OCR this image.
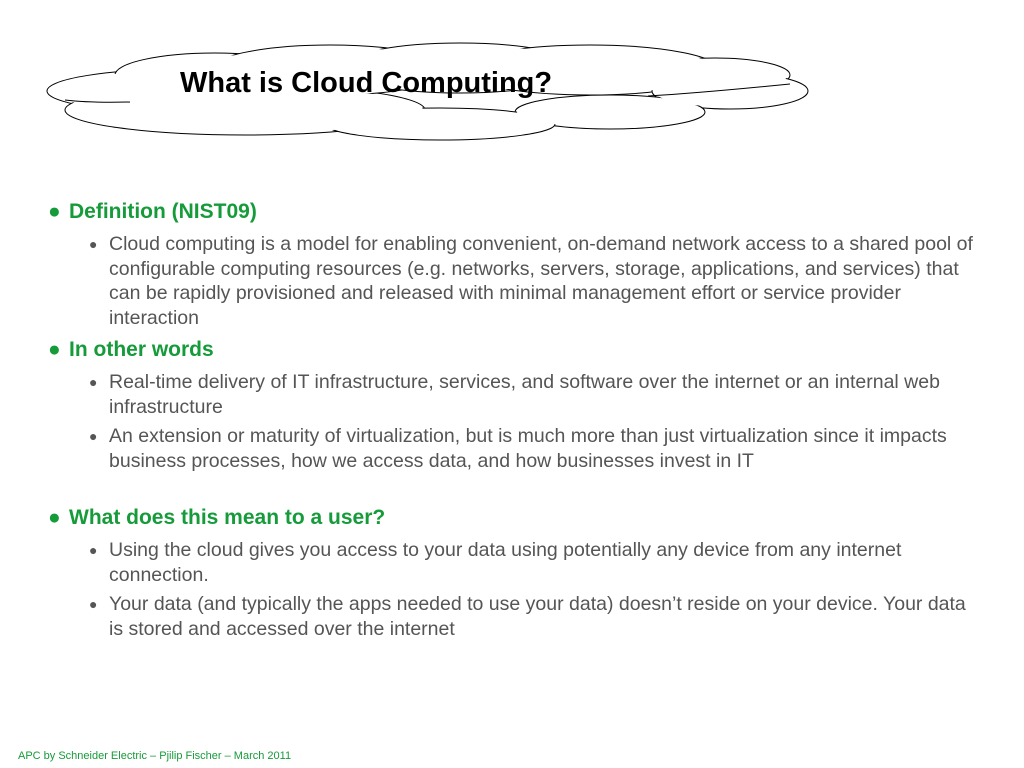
What is Cloud Computing?
● Definition (NIST09)
● Cloud computing is a model for enabling convenient, on-demand network access to a shared pool of configurable computing resources (e.g. networks, servers, storage, applications, and services) that can be rapidly provisioned and released with minimal management effort or service provider interaction
● In other words
● Real-time delivery of IT infrastructure, services, and software over the internet or an internal web infrastructure
● An extension or maturity of virtualization, but is much more than just virtualization since it impacts business processes, how we access data, and how businesses invest in IT
● What does this mean to a user?
● Using the cloud gives you access to your data using potentially any device from any internet connection.
● Your data (and typically the apps needed to use your data) doesn’t reside on your device. Your data is stored and accessed over the internet
APC by Schneider Electric – Pjilip Fischer – March 2011
